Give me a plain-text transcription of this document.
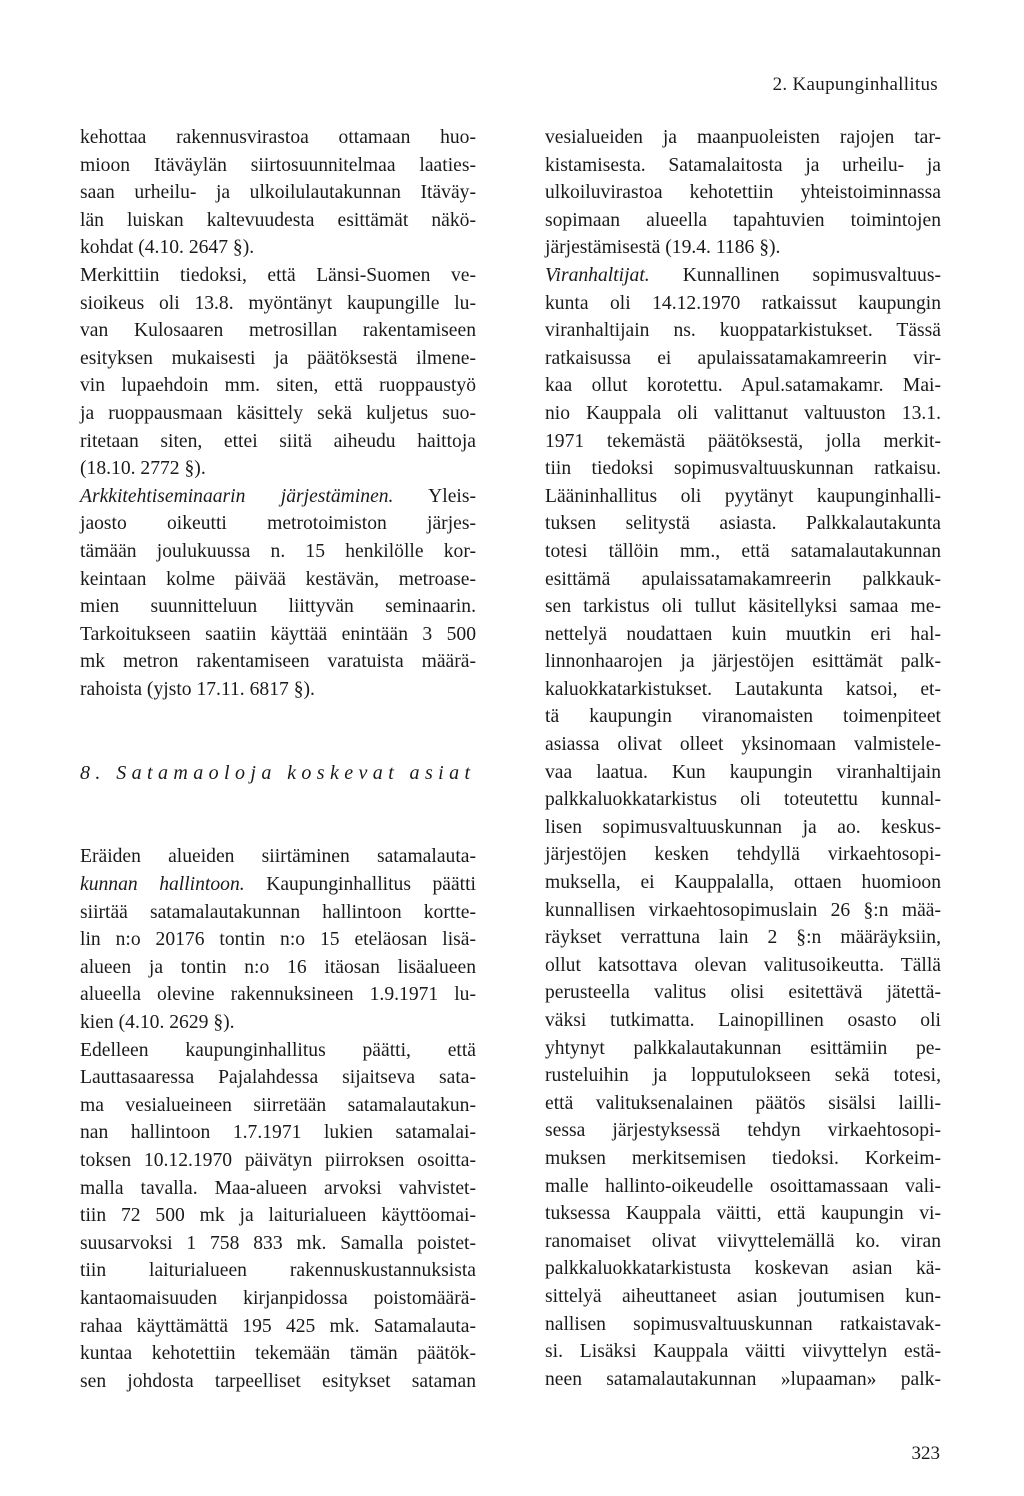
2. Kaupunginhallitus
kehottaa rakennusvirastoa ottamaan huo-
mioon Itäväylän siirtosuunnitelmaa laaties-
saan urheilu- ja ulkoilulautakunnan Itäväy-
län luiskan kaltevuudesta esittämät näkö-
kohdat (4.10. 2647 §).
Merkittiin tiedoksi, että Länsi-Suomen ve-
sioikeus oli 13.8. myöntänyt kaupungille lu-
van Kulosaaren metrosillan rakentamiseen
esityksen mukaisesti ja päätöksestä ilmene-
vin lupaehdoin mm. siten, että ruoppaustyö
ja ruoppausmaan käsittely sekä kuljetus suo-
ritetaan siten, ettei siitä aiheudu haittoja
(18.10. 2772 §).
Arkkitehtiseminaarin järjestäminen. Yleis-
jaosto oikeutti metrotoimiston järjes-
tämään joulukuussa n. 15 henkilölle kor-
keintaan kolme päivää kestävän, metroase-
mien suunnitteluun liittyvän seminaarin.
Tarkoitukseen saatiin käyttää enintään 3 500
mk metron rakentamiseen varatuista määrä-
rahoista (yjsto 17.11. 6817 §).
8. Satamaoloja koskevat asiat
Eräiden alueiden siirtäminen satamalauta-
kunnan hallintoon. Kaupunginhallitus päätti
siirtää satamalautakunnan hallintoon kortte-
lin n:o 20176 tontin n:o 15 eteläosan lisä-
alueen ja tontin n:o 16 itäosan lisäalueen
alueella olevine rakennuksineen 1.9.1971 lu-
kien (4.10. 2629 §).
Edelleen kaupunginhallitus päätti, että
Lauttasaaressa Pajalahdessa sijaitseva sata-
ma vesialueineen siirretään satamalautakun-
nan hallintoon 1.7.1971 lukien satamalai-
toksen 10.12.1970 päivätyn piirroksen osoitta-
malla tavalla. Maa-alueen arvoksi vahvistet-
tiin 72 500 mk ja laiturialueen käyttöomai-
suusarvoksi 1 758 833 mk. Samalla poistet-
tiin laiturialueen rakennuskustannuksista
kantaomaisuuden kirjanpidossa poistomäärä-
rahaa käyttämättä 195 425 mk. Satamalauta-
kuntaa kehotettiin tekemään tämän päätök-
sen johdosta tarpeelliset esitykset sataman
vesialueiden ja maanpuoleisten rajojen tar-
kistamisesta. Satamalaitosta ja urheilu- ja
ulkoiluvirastoa kehotettiin yhteistoiminnassa
sopimaan alueella tapahtuvien toimintojen
järjestämisestä (19.4. 1186 §).
Viranhaltijat. Kunnallinen sopimusvaltuus-
kunta oli 14.12.1970 ratkaissut kaupungin
viranhaltijain ns. kuoppatarkistukset. Tässä
ratkaisussa ei apulaissatamakamreerin vir-
kaa ollut korotettu. Apul.satamakamr. Mai-
nio Kauppala oli valittanut valtuuston 13.1.
1971 tekemästä päätöksestä, jolla merkit-
tiin tiedoksi sopimusvaltuuskunnan ratkaisu.
Lääninhallitus oli pyytänyt kaupunginhalli-
tuksen selitystä asiasta. Palkkalautakunta
totesi tällöin mm., että satamalautakunnan
esittämä apulaissatamakamreerin palkkauk-
sen tarkistus oli tullut käsitellyksi samaa me-
nettelyä noudattaen kuin muutkin eri hal-
linnonhaarojen ja järjestöjen esittämät palk-
kaluokkatarkistukset. Lautakunta katsoi, et-
tä kaupungin viranomaisten toimenpiteet
asiassa olivat olleet yksinomaan valmistele-
vaa laatua. Kun kaupungin viranhaltijain
palkkaluokkatarkistus oli toteutettu kunnal-
lisen sopimusvaltuuskunnan ja ao. keskus-
järjestöjen kesken tehdyllä virkaehtosopi-
muksella, ei Kauppalalla, ottaen huomioon
kunnallisen virkaehtosopimuslain 26 §:n mää-
räykset verrattuna lain 2 §:n määräyksiin,
ollut katsottava olevan valitusoikeutta. Tällä
perusteella valitus olisi esitettävä jätettä-
väksi tutkimatta. Lainopillinen osasto oli
yhtynyt palkkalautakunnan esittämiin pe-
rusteluihin ja lopputulokseen sekä totesi,
että valituksenalainen päätös sisälsi lailli-
sessa järjestyksessä tehdyn virkaehtosopi-
muksen merkitsemisen tiedoksi. Korkeim-
malle hallinto-oikeudelle osoittamassaan vali-
tuksessa Kauppala väitti, että kaupungin vi-
ranomaiset olivat viivyttelemällä ko. viran
palkkaluokkatarkistusta koskevan asian kä-
sittelyä aiheuttaneet asian joutumisen kun-
nallisen sopimusvaltuuskunnan ratkaistavak-
si. Lisäksi Kauppala väitti viivyttelyn estä-
neen satamalautakunnan »lupaaman» palk-
323
